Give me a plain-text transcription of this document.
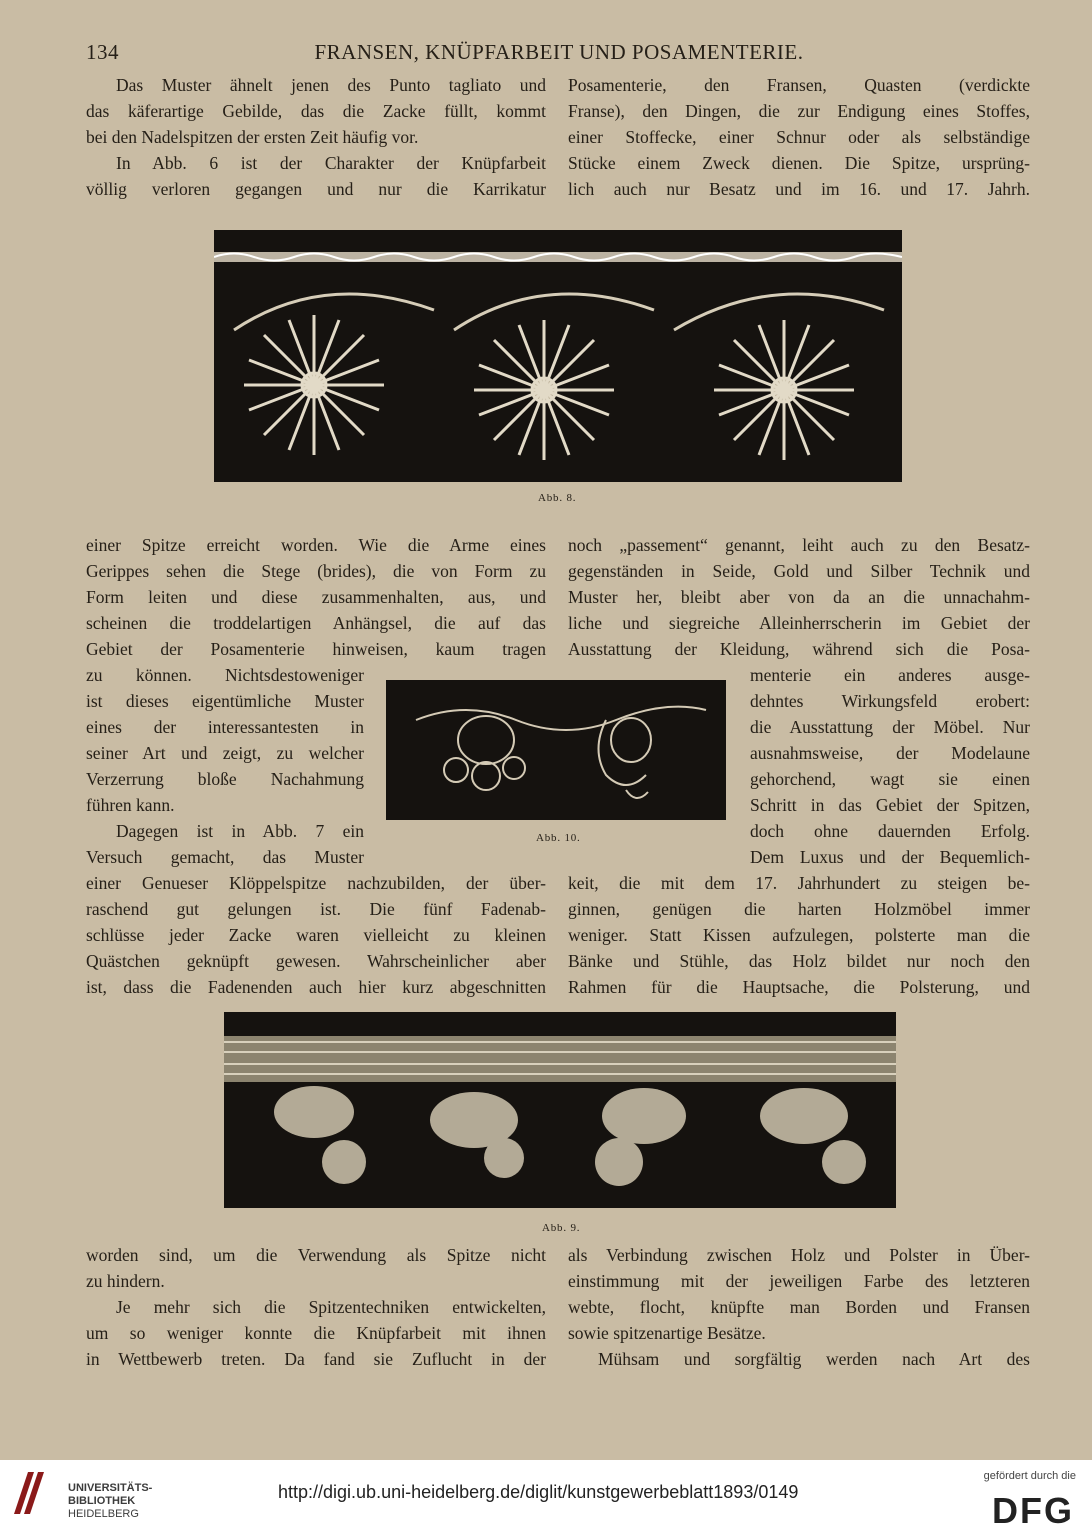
134	FRANSEN, KNÜPFARBEIT UND POSAMENTERIE.

Das Muster ähnelt jenen des Punto tagliato und

das käferartige Gebilde, das die Zacke füllt, kommt

bei den Nadelspitzen der ersten Zeit häufig vor.

In Abb. 6 ist der Charakter der Knüpfarbeit

völlig verloren gegangen und nur die Karrikatur

Posamenterie, den Fransen, Quasten (verdickte

Franse), den Dingen, die zur Endigung eines Stoffes,

einer Stoffecke, einer Schnur oder als selbständige

Stücke einem Zweck dienen. Die Spitze, ursprüng-

lich auch nur Besatz und im 16. und 17. Jahrh.

Abb. 8.

einer Spitze erreicht worden. Wie die Arme eines

Gerippes sehen die Stege (brides), die von Form zu

Form leiten und diese zusammenhalten, aus, und

scheinen die troddelartigen Anhängsel, die auf das

Gebiet der Posamenterie hinweisen, kaum tragen

zu können. Nichtsdestoweniger

ist dieses eigentümliche Muster

eines der interessantesten in

seiner Art und zeigt, zu welcher

Verzerrung bloße Nachahmung

führen kann.

Dagegen ist in Abb. 7 ein

Versuch gemacht, das Muster

einer Genueser Klöppelspitze nachzubilden, der über-

raschend gut gelungen ist. Die fünf Fadenab-

schlüsse jeder Zacke waren vielleicht zu kleinen

Quästchen geknüpft gewesen. Wahrscheinlicher aber

ist, dass die Fadenenden auch hier kurz abgeschnitten

noch „passement“ genannt, leiht auch zu den Besatz-

gegenständen in Seide, Gold und Silber Technik und

Muster her, bleibt aber von da an die unnachahm-

liche und siegreiche Alleinherrscherin im Gebiet der

Ausstattung der Kleidung, während sich die Posa-

menterie ein anderes ausge-

dehntes Wirkungsfeld erobert:

die Ausstattung der Möbel. Nur

ausnahmsweise, der Modelaune

gehorchend, wagt sie einen

Schritt in das Gebiet der Spitzen,

doch ohne dauernden Erfolg.

Dem Luxus und der Bequemlich-

keit, die mit dem 17. Jahrhundert zu steigen be-

ginnen, genügen die harten Holzmöbel immer

weniger. Statt Kissen aufzulegen, polsterte man die

Bänke und Stühle, das Holz bildet nur noch den

Rahmen für die Hauptsache, die Polsterung, und

Abb. 10.
Abb. 9.

worden sind, um die Verwendung als Spitze nicht

zu hindern.

Je mehr sich die Spitzentechniken entwickelten,

um so weniger konnte die Knüpfarbeit mit ihnen

in Wettbewerb treten. Da fand sie Zuflucht in der

als Verbindung zwischen Holz und Polster in Über-

einstimmung mit der jeweiligen Farbe des letzteren

webte, flocht, knüpfte man Borden und Fransen

sowie spitzenartige Besätze.

Mühsam und sorgfältig werden nach Art des

UNIVERSITÄTS-
BIBLIOTHEK
HEIDELBERG
http://digi.ub.uni-heidelberg.de/diglit/kunstgewerbeblatt1893/0149
gefördert durch die
DFG
